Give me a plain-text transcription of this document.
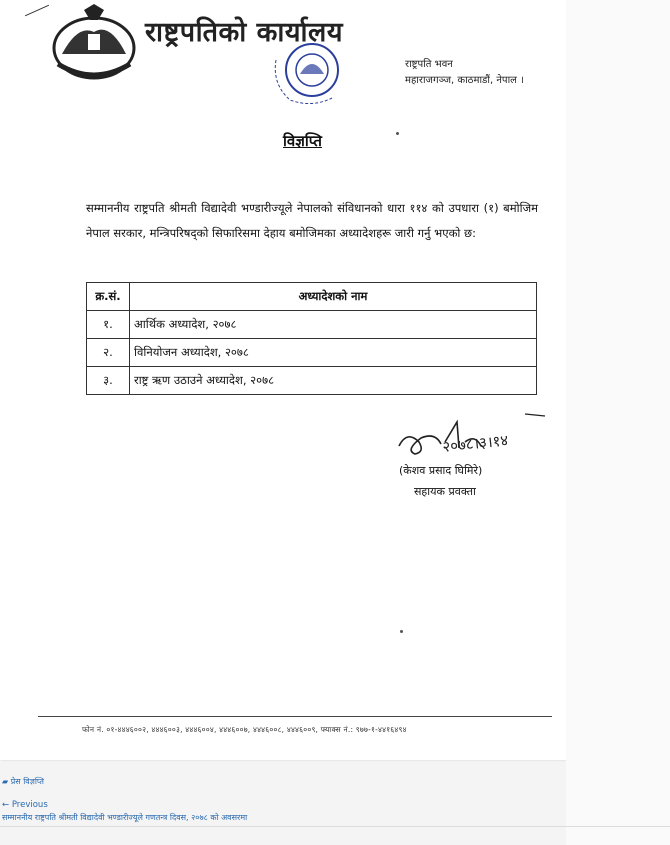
राष्ट्रपतिको कार्यालय
राष्ट्रपति भवन
महाराजगञ्ज, काठमाडौं, नेपाल ।
विज्ञप्ति
सम्माननीय राष्ट्रपति श्रीमती विद्यादेवी भण्डारीज्यूले नेपालको संविधानको धारा ११४ को उपधारा (१) बमोजिम नेपाल सरकार, मन्त्रिपरिषद्को सिफारिसमा देहाय बमोजिमका अध्यादेशहरू जारी गर्नु भएको छ:
क्र.सं.	अध्यादेशको नाम
१.	आर्थिक अध्यादेश, २०७८
२.	विनियोजन अध्यादेश, २०७८
३.	राष्ट्र ऋण उठाउने अध्यादेश, २०७८
२०७८।३।१४
(केशव प्रसाद घिमिरे)
सहायक प्रवक्ता
फोन नं. ०१-४४४६००२, ४४४६००३, ४४४६००४, ४४४६००७, ४४४६००८, ४४४६००९, फ्याक्स नं.: ९७७-१-४४१६४९४
▰ प्रेस विज्ञप्ति
← Previous
सम्माननीय राष्ट्रपति श्रीमती विद्यादेवी भण्डारीज्यूले गणतन्त्र दिवस, २०७८ को अवसरमा
